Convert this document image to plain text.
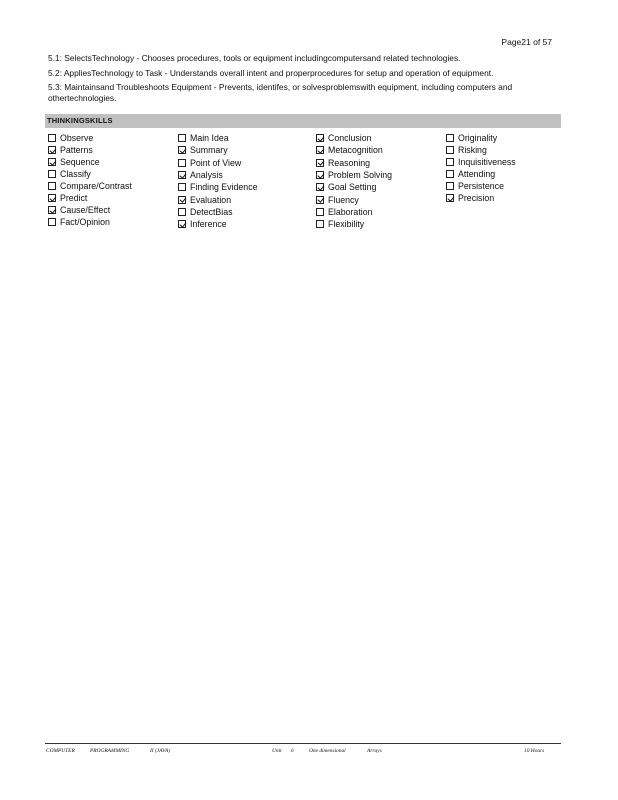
Page21 of 57

5.1: SelectsTechnology - Chooses procedures, tools or equipment includingcomputersand related technologies.

5.2: AppliesTechnology to Task - Understands overall intent and properprocedures for setup and operation of equipment.

5.3: Maintainsand Troubleshoots Equipment - Prevents, identifes, or solvesproblemswith equipment, including computers and othertechnologies.

THINKINGSKILLS
Observe
Patterns
Sequence
Classify
Compare/Contrast
Predict
Cause/Effect
Fact/Opinion
Main Idea
Summary
Point of View
Analysis
Finding Evidence
Evaluation
DetectBias
Inference
Conclusion
Metacognition
Reasoning
Problem Solving
Goal Setting
Fluency
Elaboration
Flexibility
Originality
Risking
Inquisitiveness
Attending
Persistence
Precision
COMPUTER	PROGRAMMING	II (JAVA)	Unit 6	One dimensional	Arrays	10 Hours
